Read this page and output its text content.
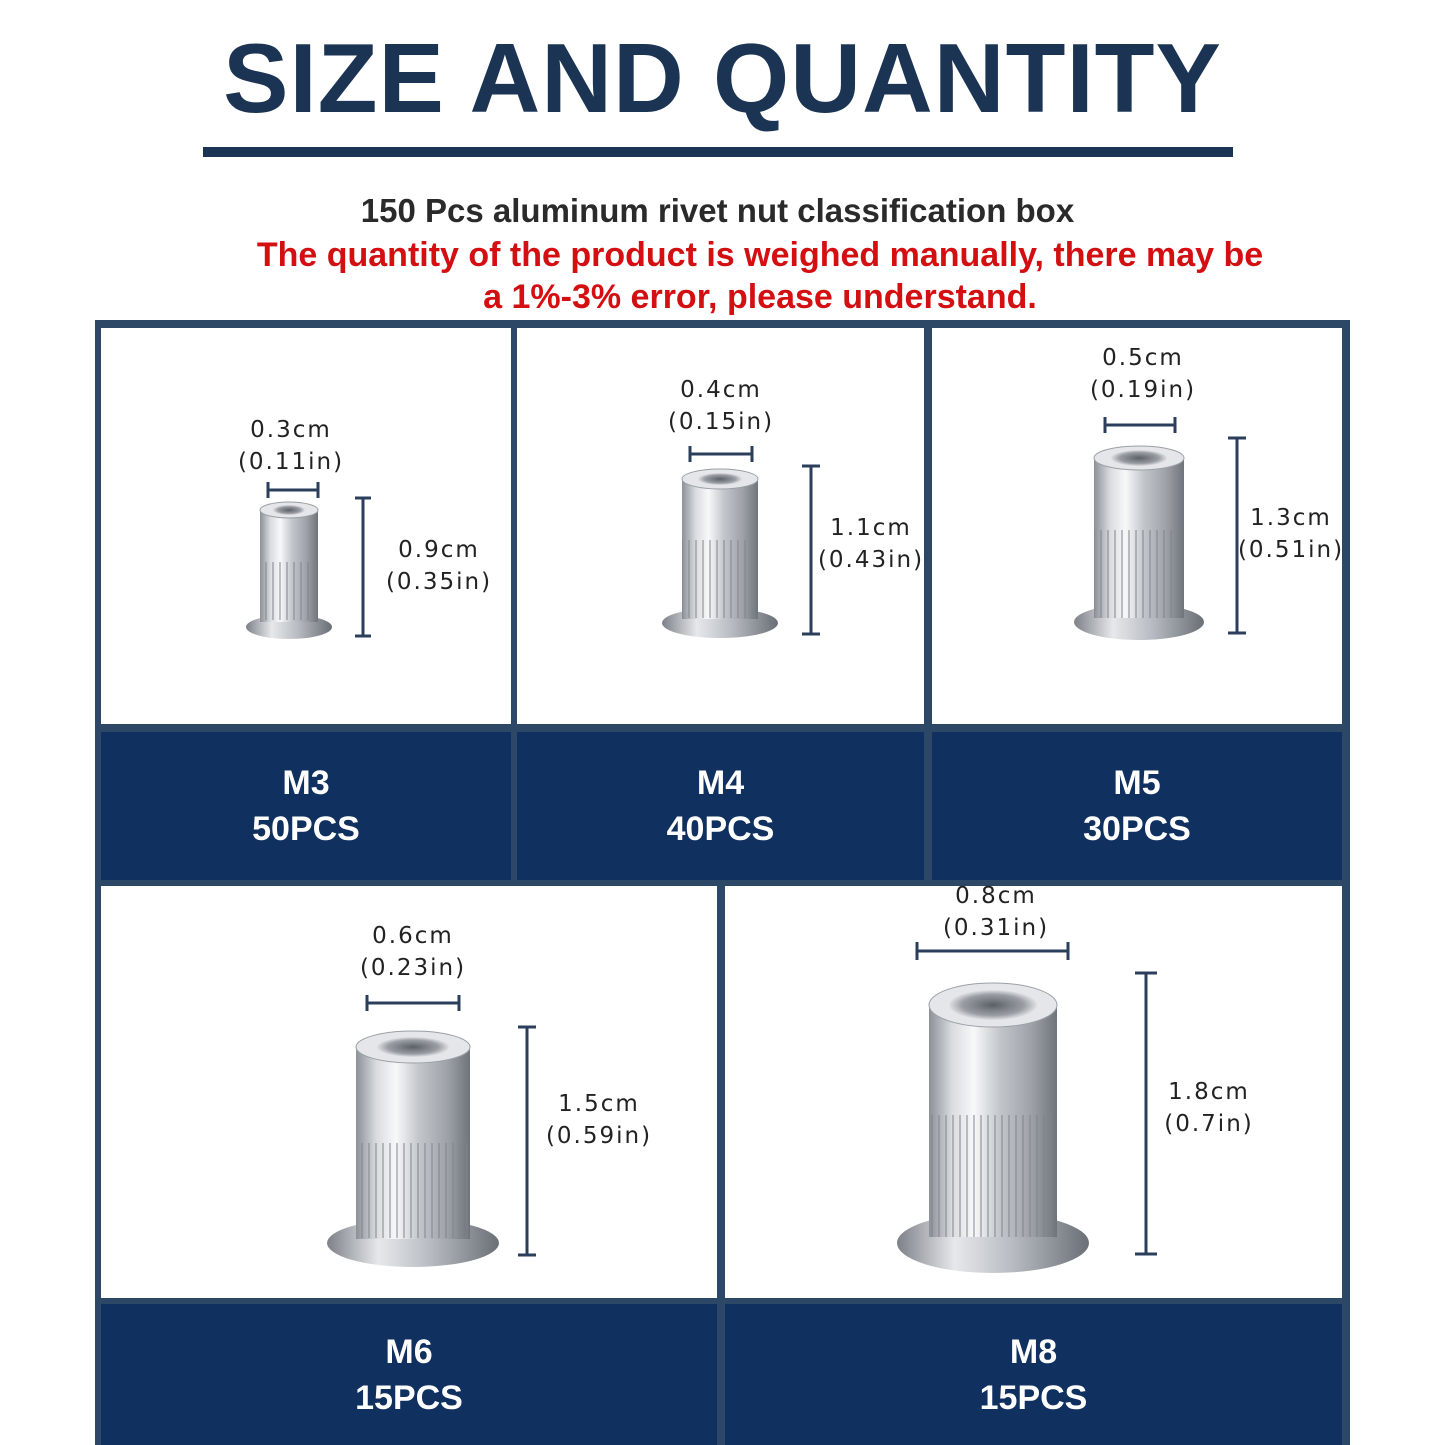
SIZE AND QUANTITY
150 Pcs aluminum rivet nut classification box
The quantity of the product is weighed manually, there may be
a 1%-3% error, please understand.
M3
50PCS
M4
40PCS
M5
30PCS
M6
15PCS
M8
15PCS
0.3cm
(0.11in)
0.9cm
(0.35in)
0.4cm
(0.15in)
1.1cm
(0.43in)
0.5cm
(0.19in)
1.3cm
(0.51in)
0.6cm
(0.23in)
1.5cm
(0.59in)
0.8cm
(0.31in)
1.8cm
(0.7in)
